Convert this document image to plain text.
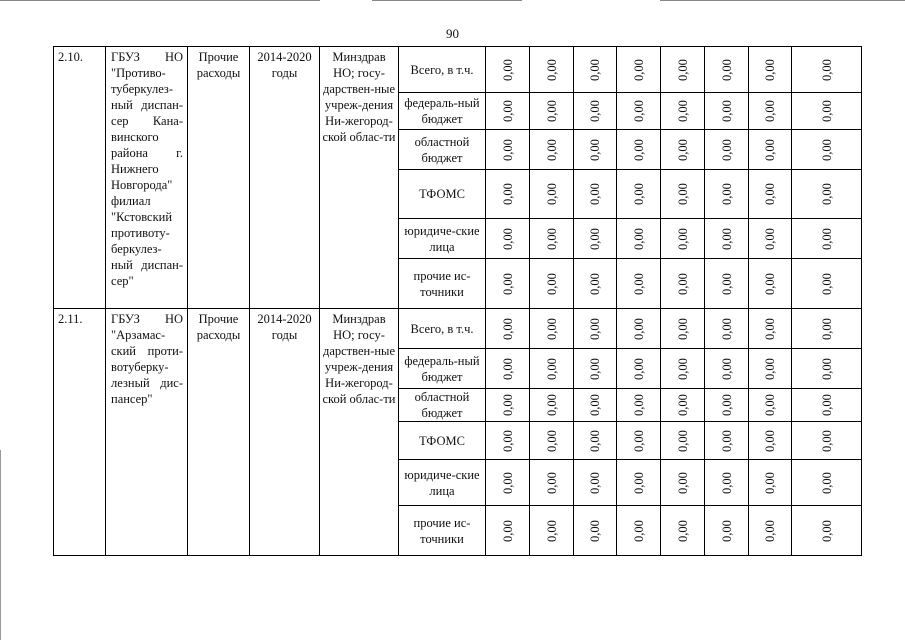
90
2.10.	ГБУЗ НО "Противо-туберкулез-ный диспан-сер Кана-винского района г. Нижнего Новгорода" филиал "Кстовский противоту-беркулез-ный диспан-сер"	Прочие расходы	2014-2020 годы	Минздрав НО; госу-дарствен-ные учреж-дения Ни-жегород-ской облас-ти	Всего, в т.ч.	0,00	0,00	0,00	0,00	0,00	0,00	0,00	0,00
					федераль-ный бюджет	0,00	0,00	0,00	0,00	0,00	0,00	0,00	0,00
					областной бюджет	0,00	0,00	0,00	0,00	0,00	0,00	0,00	0,00
					ТФОМС	0,00	0,00	0,00	0,00	0,00	0,00	0,00	0,00
					юридиче-ские лица	0,00	0,00	0,00	0,00	0,00	0,00	0,00	0,00
					прочие ис-точники	0,00	0,00	0,00	0,00	0,00	0,00	0,00	0,00
2.11.	ГБУЗ НО "Арзамас-ский проти-вотуберку-лезный дис-пансер"	Прочие расходы	2014-2020 годы	Минздрав НО; госу-дарствен-ные учреж-дения Ни-жегород-ской облас-ти	Всего, в т.ч.	0,00	0,00	0,00	0,00	0,00	0,00	0,00	0,00
					федераль-ный бюджет	0,00	0,00	0,00	0,00	0,00	0,00	0,00	0,00
					областной бюджет	0,00	0,00	0,00	0,00	0,00	0,00	0,00	0,00
					ТФОМС	0,00	0,00	0,00	0,00	0,00	0,00	0,00	0,00
					юридиче-ские лица	0,00	0,00	0,00	0,00	0,00	0,00	0,00	0,00
					прочие ис-точники	0,00	0,00	0,00	0,00	0,00	0,00	0,00	0,00
